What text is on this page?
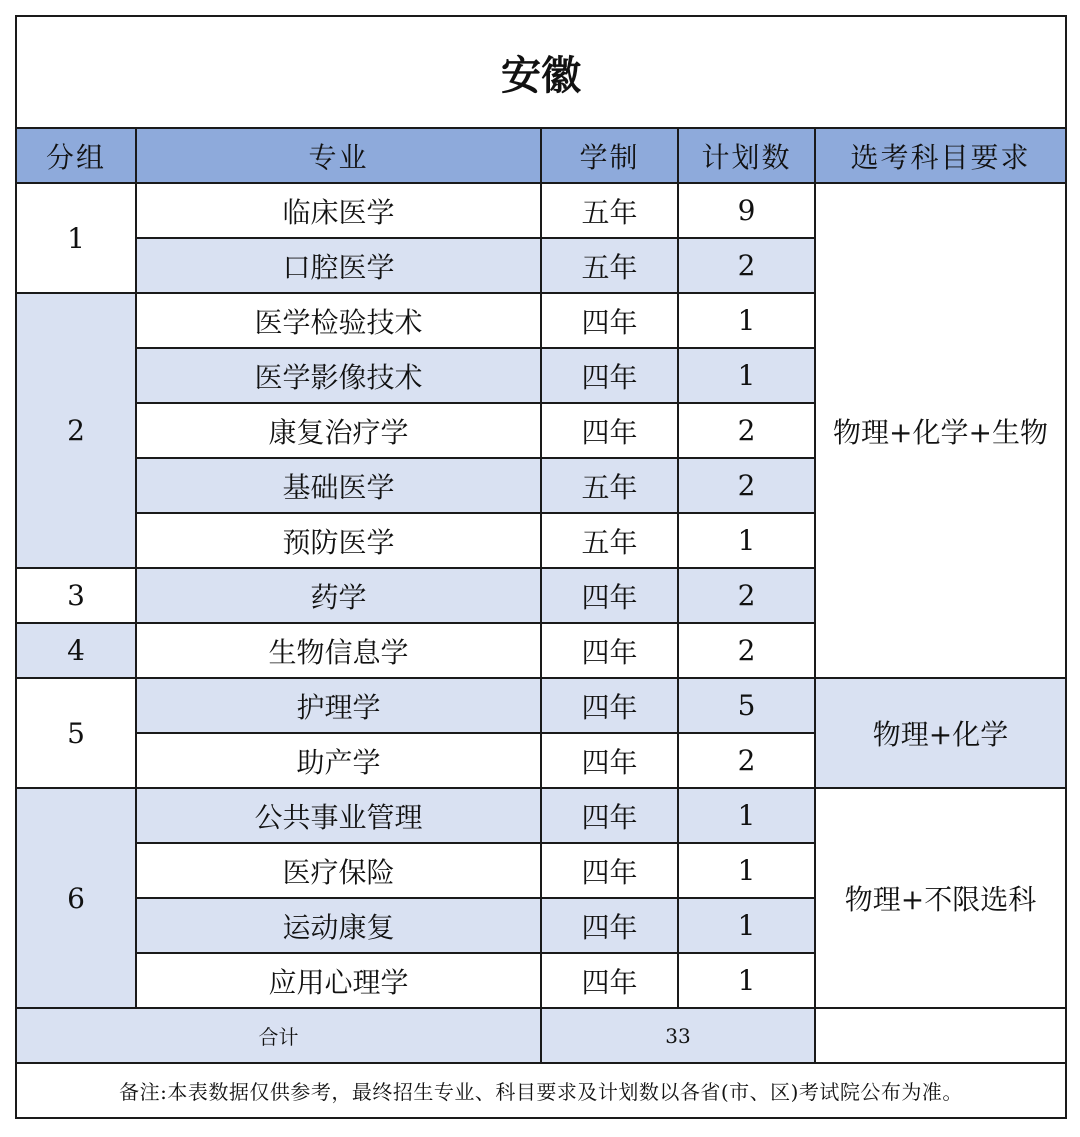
安徽				
分组	专业	学制	计划数	选考科目要求
1	临床医学	五年	9	物理+化学+生物
	口腔医学	五年	2	
2	医学检验技术	四年	1	
	医学影像技术	四年	1	
	康复治疗学	四年	2	
	基础医学	五年	2	
	预防医学	五年	1	
3	药学	四年	2	
4	生物信息学	四年	2	
5	护理学	四年	5	物理+化学
	助产学	四年	2	
6	公共事业管理	四年	1	物理+不限选科
	医疗保险	四年	1	
	运动康复	四年	1	
	应用心理学	四年	1	
合计		33		
备注:本表数据仅供参考，最终招生专业、科目要求及计划数以各省(市、区)考试院公布为准。				
